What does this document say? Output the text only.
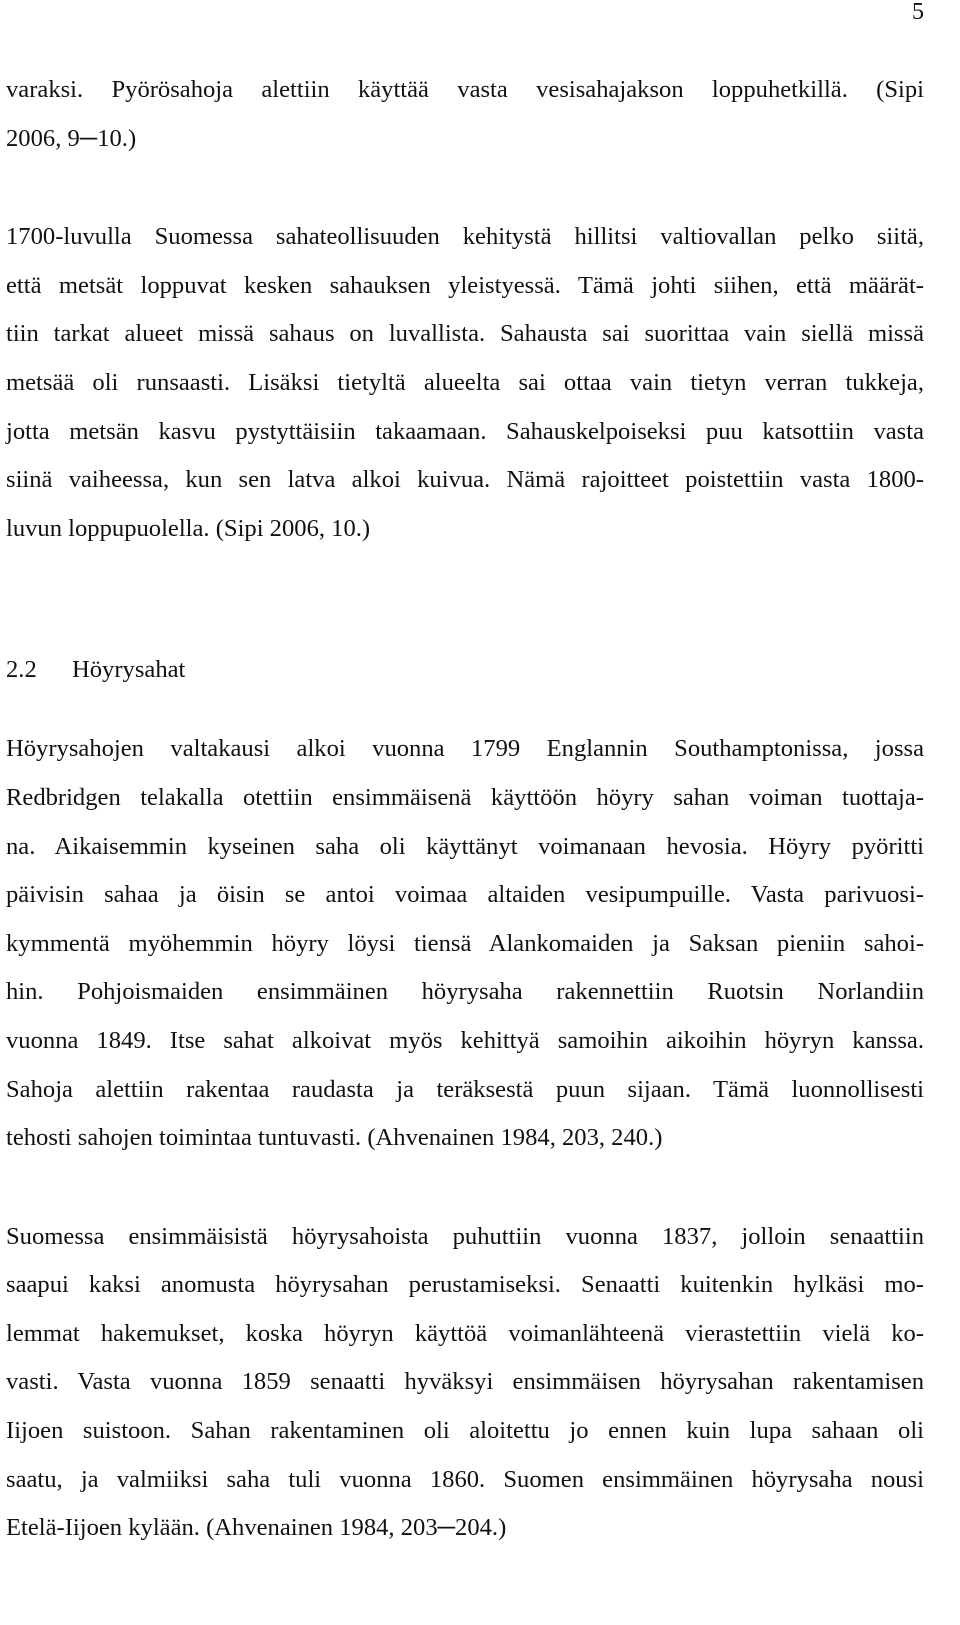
5
varaksi. Pyörösahoja alettiin käyttää vasta vesisahajakson loppuhetkillä. (Sipi
2006, 9─10.)
1700-luvulla Suomessa sahateollisuuden kehitystä hillitsi valtiovallan pelko siitä,
että metsät loppuvat kesken sahauksen yleistyessä. Tämä johti siihen, että määrät-
tiin tarkat alueet missä sahaus on luvallista. Sahausta sai suorittaa vain siellä missä
metsää oli runsaasti. Lisäksi tietyltä alueelta sai ottaa vain tietyn verran tukkeja,
jotta metsän kasvu pystyttäisiin takaamaan. Sahauskelpoiseksi puu katsottiin vasta
siinä vaiheessa, kun sen latva alkoi kuivua. Nämä rajoitteet poistettiin vasta 1800-
luvun loppupuolella. (Sipi 2006, 10.)
2.2 Höyrysahat
Höyrysahojen valtakausi alkoi vuonna 1799 Englannin Southamptonissa, jossa
Redbridgen telakalla otettiin ensimmäisenä käyttöön höyry sahan voiman tuottaja-
na. Aikaisemmin kyseinen saha oli käyttänyt voimanaan hevosia. Höyry pyöritti
päivisin sahaa ja öisin se antoi voimaa altaiden vesipumpuille. Vasta parivuosi-
kymmentä myöhemmin höyry löysi tiensä Alankomaiden ja Saksan pieniin sahoi-
hin. Pohjoismaiden ensimmäinen höyrysaha rakennettiin Ruotsin Norlandiin
vuonna 1849. Itse sahat alkoivat myös kehittyä samoihin aikoihin höyryn kanssa.
Sahoja alettiin rakentaa raudasta ja teräksestä puun sijaan. Tämä luonnollisesti
tehosti sahojen toimintaa tuntuvasti. (Ahvenainen 1984, 203, 240.)
Suomessa ensimmäisistä höyrysahoista puhuttiin vuonna 1837, jolloin senaattiin
saapui kaksi anomusta höyrysahan perustamiseksi. Senaatti kuitenkin hylkäsi mo-
lemmat hakemukset, koska höyryn käyttöä voimanlähteenä vierastettiin vielä ko-
vasti. Vasta vuonna 1859 senaatti hyväksyi ensimmäisen höyrysahan rakentamisen
Iijoen suistoon. Sahan rakentaminen oli aloitettu jo ennen kuin lupa sahaan oli
saatu, ja valmiiksi saha tuli vuonna 1860. Suomen ensimmäinen höyrysaha nousi
Etelä-Iijoen kylään. (Ahvenainen 1984, 203─204.)
